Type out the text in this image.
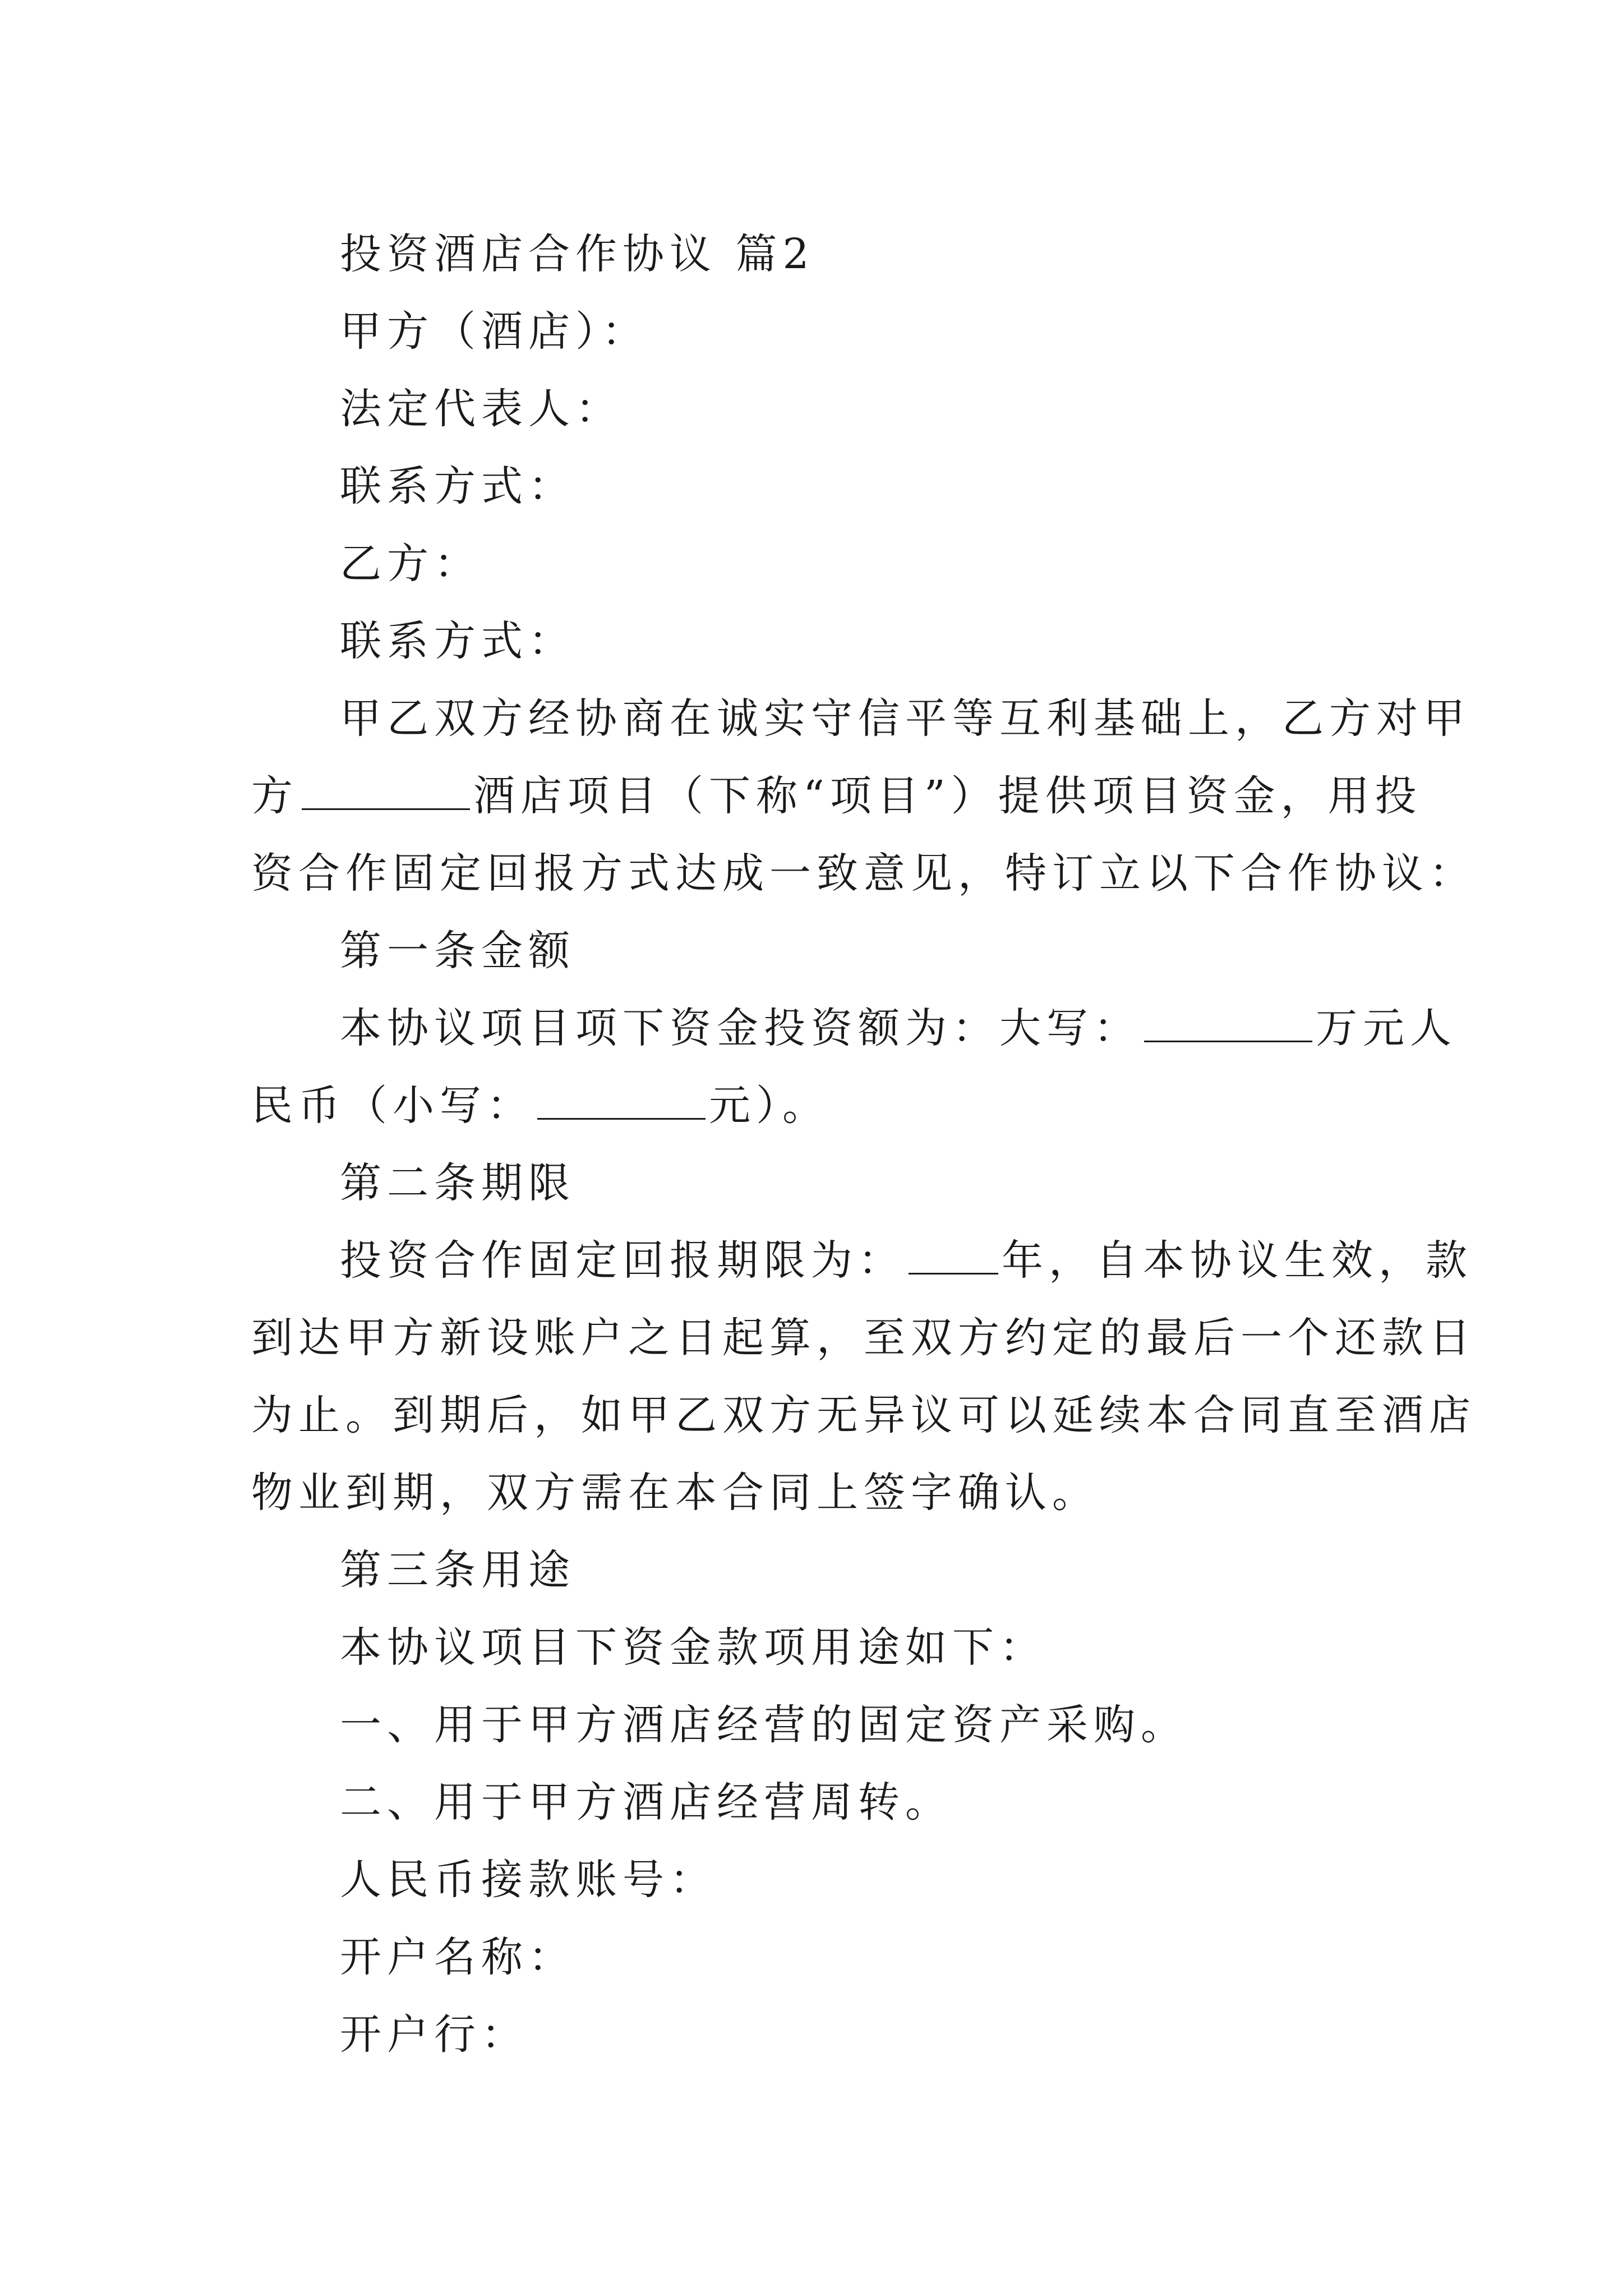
投资酒店合作协议 篇2

甲方（酒店）：

法定代表人：

联系方式：

乙方：

联系方式：

甲乙双方经协商在诚实守信平等互利基础上，乙方对甲
方	酒店项目（下称“项目”）提供项目资金，用投
资合作固定回报方式达成一致意见，特订立以下合作协议：

第一条金额

本协议项目项下资金投资额为：大写：	万元人
民币（小写：	元）。

第二条期限

投资合作固定回报期限为： 年，自本协议生效，款
到达甲方新设账户之日起算，至双方约定的最后一个还款日
为止。到期后，如甲乙双方无异议可以延续本合同直至酒店
物业到期，双方需在本合同上签字确认。

第三条用途

本协议项目下资金款项用途如下：

一、用于甲方酒店经营的固定资产采购。

二、用于甲方酒店经营周转。

人民币接款账号：

开户名称：

开户行：
